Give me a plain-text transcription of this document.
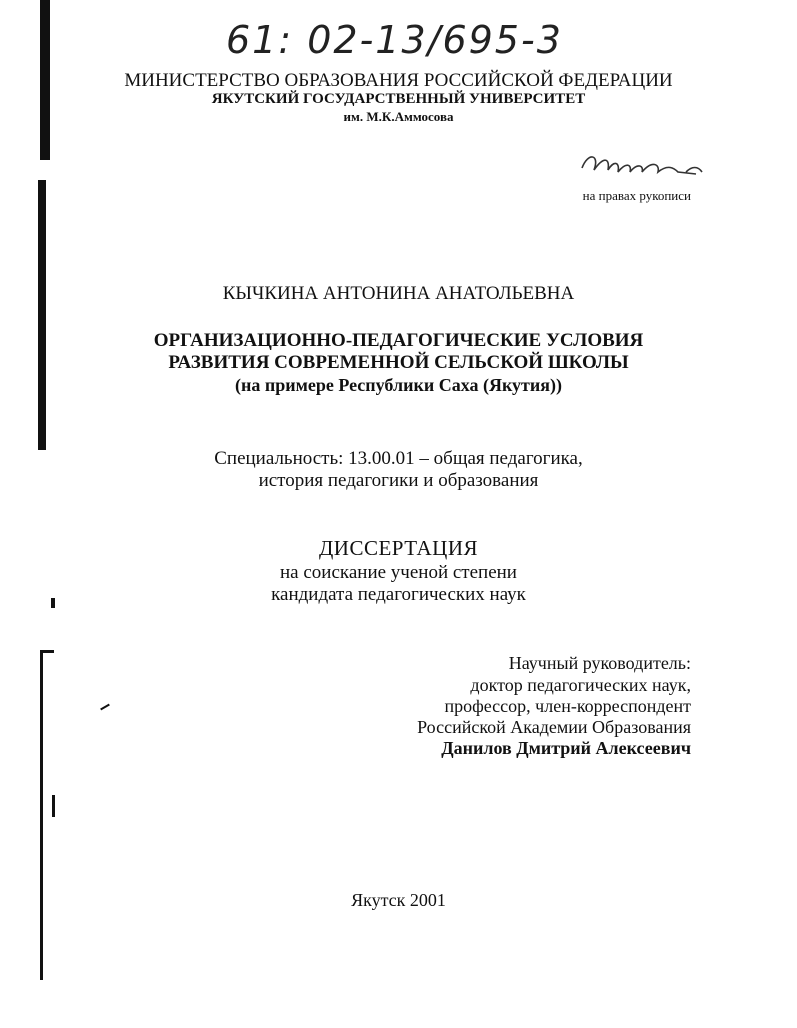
61: 02-13/695-3
МИНИСТЕРСТВО ОБРАЗОВАНИЯ РОССИЙСКОЙ ФЕДЕРАЦИИ
ЯКУТСКИЙ ГОСУДАРСТВЕННЫЙ УНИВЕРСИТЕТ
им. М.К.Аммосова
на правах рукописи
КЫЧКИНА АНТОНИНА АНАТОЛЬЕВНА
ОРГАНИЗАЦИОННО-ПЕДАГОГИЧЕСКИЕ УСЛОВИЯ
РАЗВИТИЯ СОВРЕМЕННОЙ СЕЛЬСКОЙ ШКОЛЫ
(на примере Республики Саха (Якутия))
Специальность: 13.00.01 – общая педагогика,
история педагогики и образования
ДИССЕРТАЦИЯ
на соискание ученой степени
кандидата педагогических наук
Научный руководитель:
доктор педагогических наук,
профессор, член-корреспондент
Российской Академии Образования
Данилов Дмитрий Алексеевич
Якутск 2001
